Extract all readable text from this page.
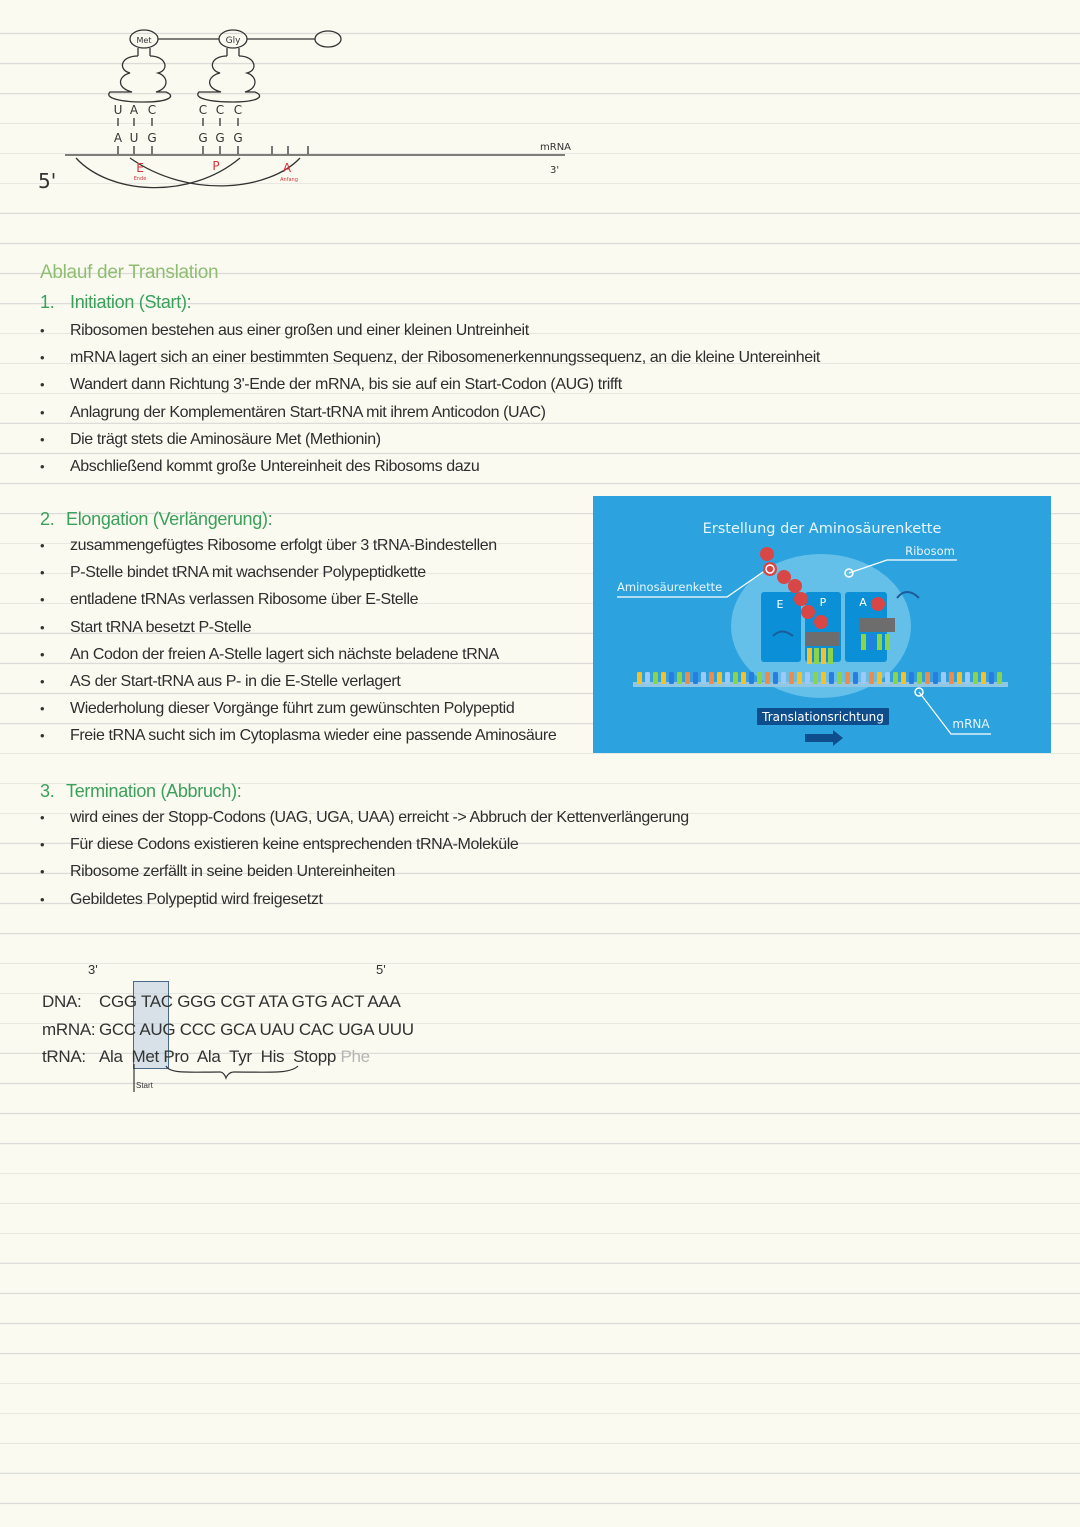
Met	Gly
U A C	C C C
A U G	G G G
mRNA
3'
5'
E
Ende
P	A
Anfang
Ablauf der Translation
1. Initiation (Start):
• Ribosomen bestehen aus einer großen und einer kleinen Untreinheit
• mRNA lagert sich an einer bestimmten Sequenz, der Ribosomenerkennungssequenz, an die kleine Untereinheit
• Wandert dann Richtung 3'-Ende der mRNA, bis sie auf ein Start-Codon (AUG) trifft
• Anlagrung der Komplementären Start-tRNA mit ihrem Anticodon (UAC)
• Die trägt stets die Aminosäure Met (Methionin)
• Abschließend kommt große Untereinheit des Ribosoms dazu
2. Elongation (Verlängerung):
• zusammengefügtes Ribosome erfolgt über 3 tRNA-Bindestellen
• P-Stelle bindet tRNA mit wachsender Polypeptidkette
• entladene tRNAs verlassen Ribosome über E-Stelle
• Start tRNA besetzt P-Stelle
• An Codon der freien A-Stelle lagert sich nächste beladene tRNA
• AS der Start-tRNA aus P- in die E-Stelle verlagert
• Wiederholung dieser Vorgänge führt zum gewünschten Polypeptid
• Freie tRNA sucht sich im Cytoplasma wieder eine passende Aminosäure
3. Termination (Abbruch):
• wird eines der Stopp-Codons (UAG, UGA, UAA) erreicht -> Abbruch der Kettenverlängerung
• Für diese Codons existieren keine entsprechenden tRNA-Moleküle
• Ribosome zerfällt in seine beiden Untereinheiten
• Gebildetes Polypeptid wird freigesetzt
Erstellung der Aminosäurenkette
E	P	A
Ribosom
Aminosäurenkette
mRNA
Translationsrichtung
3'	5'
DNA: CGG TAC GGG CGT ATA GTG ACT AAA
mRNA: GCC AUG CCC GCA UAU CAC UGA UUU
tRNA: Ala  Met Pro  Ala  Tyr  His  Stopp Phe
Start
